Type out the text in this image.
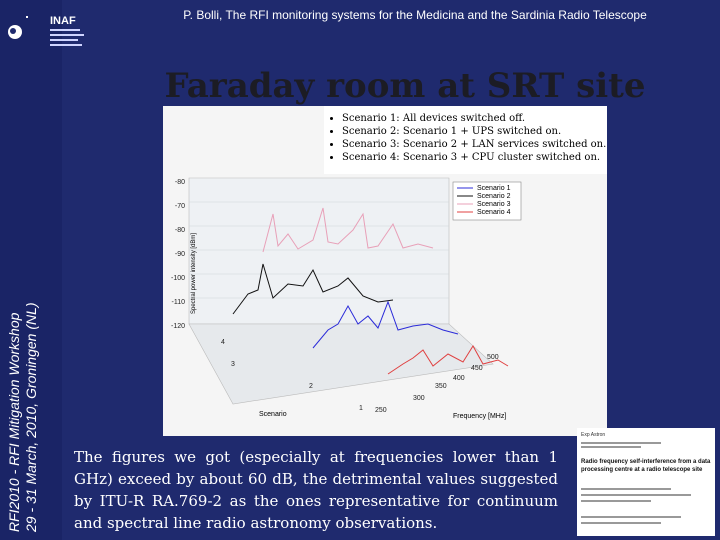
INAF
RFI2010 - RFI Mitigation Workshop 29 - 31 March, 2010, Groningen (NL)
P. Bolli, The RFI monitoring systems for the Medicina and the Sardinia Radio Telescope
Faraday room at SRT site
• Scenario 1: All devices switched off.
• Scenario 2: Scenario 1 + UPS switched on.
• Scenario 3: Scenario 2 + LAN services switched on.
• Scenario 4: Scenario 3 + CPU cluster switched on.
Scenario 1
Scenario 2
Scenario 3
Scenario 4
-80
-70
-80
-90
-100
-110
-120
Spectral power intensity [dBm]
4
3
2
1
Scenario
250
300
350
400
450
500
Frequency [MHz]
The figures we got (especially at frequencies lower than 1 GHz) exceed by about 60 dB, the detrimental values suggested by ITU-R RA.769-2 as the ones representative for continuum and spectral line radio astronomy observations.
Exp Astron
Radio frequency self-interference from a data processing centre at a radio telescope site
